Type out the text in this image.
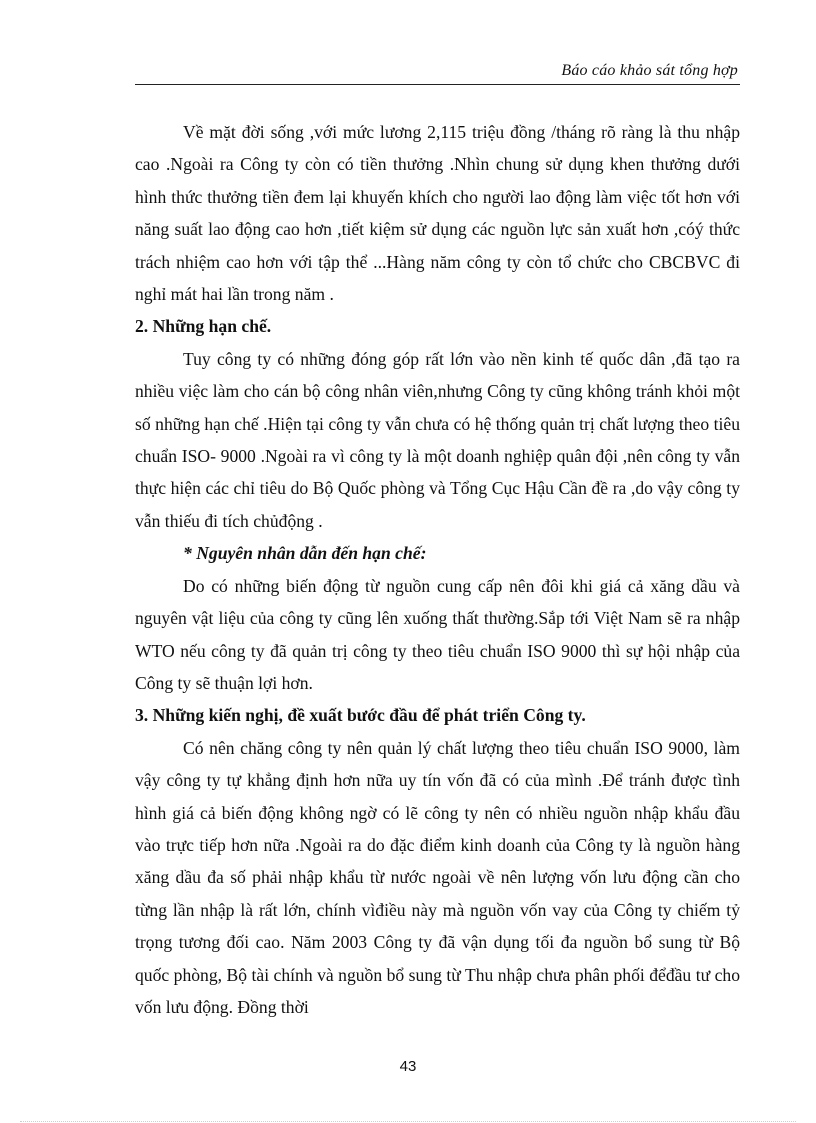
Báo cáo khảo sát tổng hợp

Về mặt đời sống ,với mức lương 2,115 triệu đồng /tháng rõ ràng là thu nhập cao .Ngoài ra Công ty còn có tiền thưởng .Nhìn chung sử dụng khen thưởng dưới hình thức thưởng tiền đem lại khuyến khích cho người lao động làm việc tốt hơn với năng suất lao động cao hơn ,tiết kiệm sử dụng các nguồn lực sản xuất hơn ,cóý thức trách nhiệm cao hơn với tập thể ...Hàng năm công ty còn tổ chức cho CBCBVC đi nghỉ mát hai lần trong năm .

2. Những hạn chế.

Tuy công ty có những đóng góp rất lớn vào nền kinh tế quốc dân ,đã tạo ra nhiều việc làm cho cán bộ công nhân viên,nhưng Công ty cũng không tránh khỏi một số những hạn chế .Hiện tại công ty vẫn chưa có hệ thống quản trị chất lượng theo tiêu chuẩn ISO- 9000 .Ngoài ra vì công ty là một doanh nghiệp quân đội ,nên công ty vẫn thực hiện các chỉ tiêu do Bộ Quốc phòng và Tổng Cục Hậu Cần đề ra ,do vậy công ty vẫn thiếu đi tích chủđộng .

* Nguyên nhân dẫn đến hạn chế:

Do có những biến động từ nguồn cung cấp nên đôi khi giá cả xăng dầu và nguyên vật liệu của công ty cũng lên xuống thất thường.Sắp tới Việt Nam sẽ ra nhập WTO nếu công ty đã quản trị công ty theo tiêu chuẩn ISO 9000 thì sự hội nhập của Công ty sẽ thuận lợi hơn.

3. Những kiến nghị, đề xuất bước đầu để phát triển Công ty.

Có nên chăng công ty nên quản lý chất lượng theo tiêu chuẩn ISO 9000, làm vậy công ty tự khẳng định hơn nữa uy tín vốn đã có của mình .Để tránh được tình hình giá cả biến động không ngờ có lẽ công ty nên có nhiều nguồn nhập khẩu đầu vào trực tiếp hơn nữa .Ngoài ra do đặc điểm kinh doanh của Công ty là nguồn hàng xăng dầu đa số phải nhập khẩu từ nước ngoài về nên lượng vốn lưu động cần cho từng lần nhập là rất lớn, chính vìđiều này mà nguồn vốn vay của Công ty chiếm tỷ trọng tương đối cao. Năm 2003 Công ty đã vận dụng tối đa nguồn bổ sung từ Bộ quốc phòng, Bộ tài chính và nguồn bổ sung từ Thu nhập chưa phân phối đểđầu tư cho vốn lưu động. Đồng thời

43
